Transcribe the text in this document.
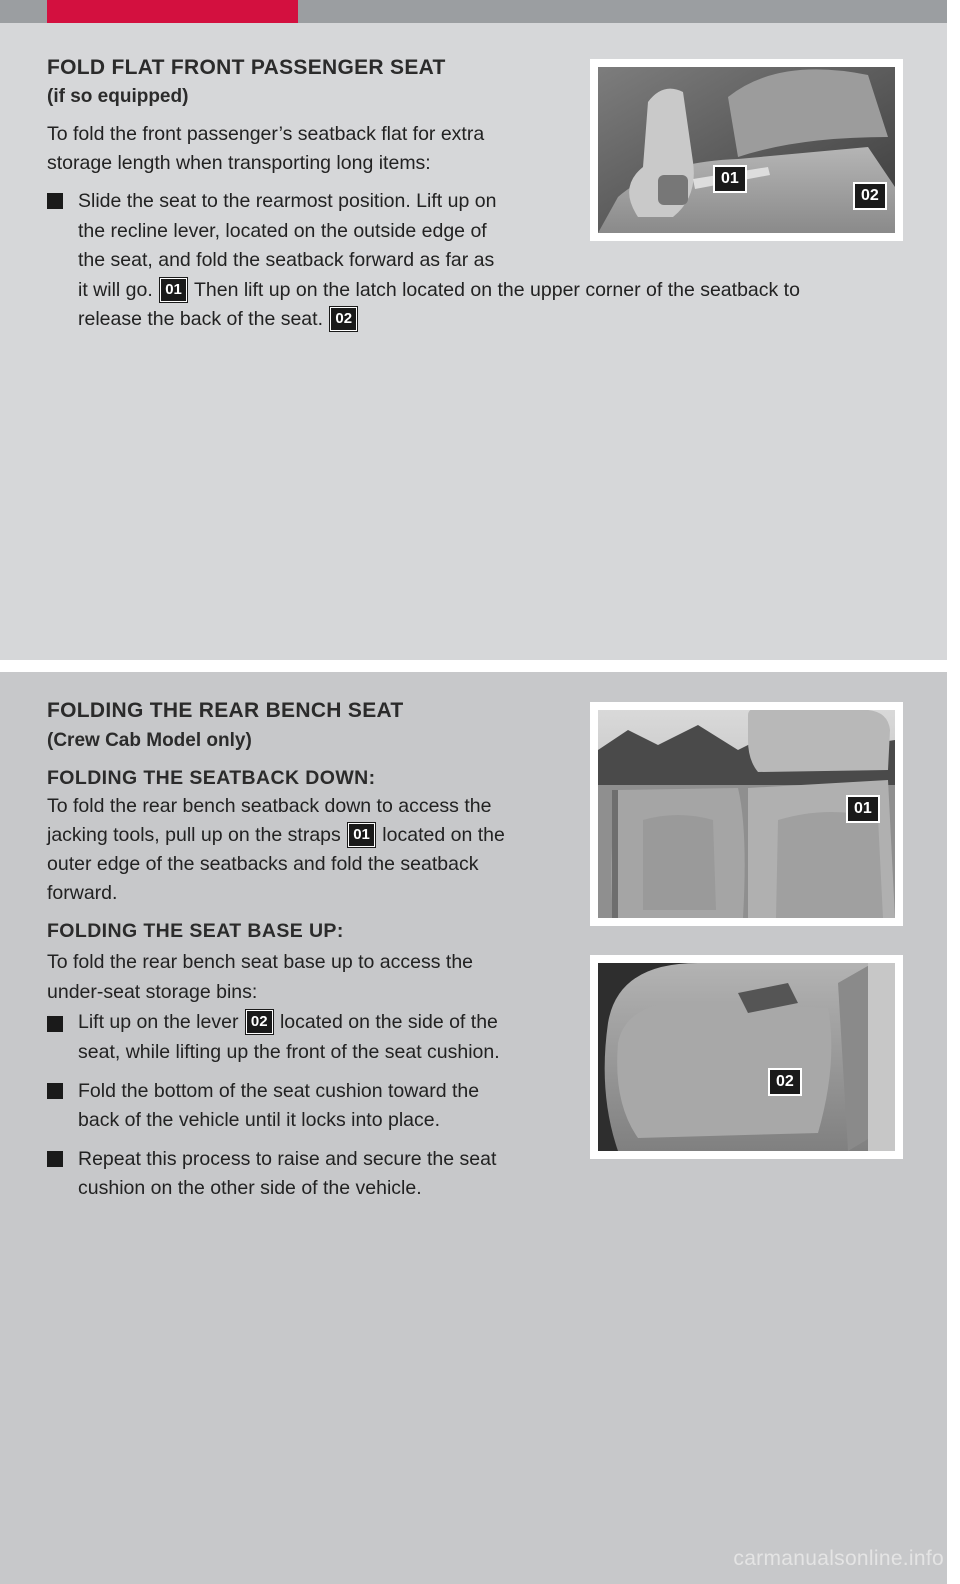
FOLD FLAT FRONT PASSENGER SEAT
(if so equipped)

To fold the front passenger’s seatback flat for extra

storage length when transporting long items:

Slide the seat to the rearmost position. Lift up on

the recline lever, located on the outside edge of

the seat, and fold the seatback forward as far as

it will go. 01 Then lift up on the latch located on the upper corner of the seatback to

release the back of the seat. 02

01
02
FOLDING THE REAR BENCH SEAT
(Crew Cab Model only)
FOLDING THE SEATBACK DOWN:

To fold the rear bench seatback down to access the

jacking tools, pull up on the straps 01 located on the

outer edge of the seatbacks and fold the seatback

forward.

FOLDING THE SEAT BASE UP:

To fold the rear bench seat base up to access the

under-seat storage bins:

Lift up on the lever 02 located on the side of the

seat, while lifting up the front of the seat cushion.

Fold the bottom of the seat cushion toward the

back of the vehicle until it locks into place.

Repeat this process to raise and secure the seat

cushion on the other side of the vehicle.

01
02
carmanualsonline.info
